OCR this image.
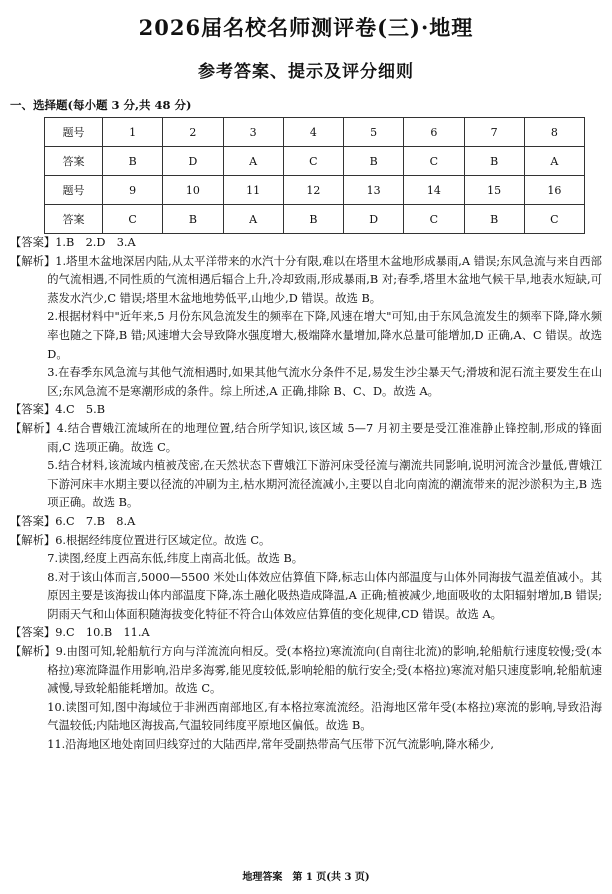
2026届名校名师测评卷(三)·地理
参考答案、提示及评分细则
一、选择题(每小题 3 分,共 48 分)
题号	1	2	3	4	5	6	7	8
答案	B	D	A	C	B	C	B	A
题号	9	10	11	12	13	14	15	16
答案	C	B	A	B	D	C	B	C

【答案】1.B　2.D　3.A

【解析】1.塔里木盆地深居内陆,从太平洋带来的水汽十分有限,难以在塔里木盆地形成暴雨,A 错误;东风急流与来自西部的气流相遇,不同性质的气流相遇后辐合上升,冷却致雨,形成暴雨,B 对;春季,塔里木盆地气候干旱,地表水短缺,可蒸发水汽少,C 错误;塔里木盆地地势低平,山地少,D 错误。故选 B。

2.根据材料中"近年来,5 月份东风急流发生的频率在下降,风速在增大"可知,由于东风急流发生的频率下降,降水频率也随之下降,B 错;风速增大会导致降水强度增大,极端降水量增加,降水总量可能增加,D 正确,A、C 错误。故选 D。

3.在春季东风急流与其他气流相遇时,如果其他气流水分条件不足,易发生沙尘暴天气;滑坡和泥石流主要发生在山区;东风急流不是寒潮形成的条件。综上所述,A 正确,排除 B、C、D。故选 A。

【答案】4.C　5.B

【解析】4.结合曹娥江流域所在的地理位置,结合所学知识,该区域 5—7 月初主要是受江淮准静止锋控制,形成的锋面雨,C 选项正确。故选 C。

5.结合材料,该流域内植被茂密,在天然状态下曹娥江下游河床受径流与潮流共同影响,说明河流含沙量低,曹娥江下游河床丰水期主要以径流的冲刷为主,枯水期河流径流减小,主要以自北向南流的潮流带来的泥沙淤积为主,B 选项正确。故选 B。

【答案】6.C　7.B　8.A

【解析】6.根据经纬度位置进行区域定位。故选 C。

7.读图,经度上西高东低,纬度上南高北低。故选 B。

8.对于该山体而言,5000—5500 米处山体效应估算值下降,标志山体内部温度与山体外同海拔气温差值减小。其原因主要是该海拔山体内部温度下降,冻土融化吸热造成降温,A 正确;植被减少,地面吸收的太阳辐射增加,B 错误;阴雨天气和山体面积随海拔变化特征不符合山体效应估算值的变化规律,CD 错误。故选 A。

【答案】9.C　10.B　11.A

【解析】9.由图可知,轮船航行方向与洋流流向相反。受(本格拉)寒流流向(自南往北流)的影响,轮船航行速度较慢;受(本格拉)寒流降温作用影响,沿岸多海雾,能见度较低,影响轮船的航行安全;受(本格拉)寒流对船只速度影响,轮船航速减慢,导致轮船能耗增加。故选 C。

10.读图可知,图中海域位于非洲西南部地区,有本格拉寒流流经。沿海地区常年受(本格拉)寒流的影响,导致沿海气温较低;内陆地区海拔高,气温较同纬度平原地区偏低。故选 B。

11.沿海地区地处南回归线穿过的大陆西岸,常年受副热带高气压带下沉气流影响,降水稀少,

地理答案　第 1 页(共 3 页)
